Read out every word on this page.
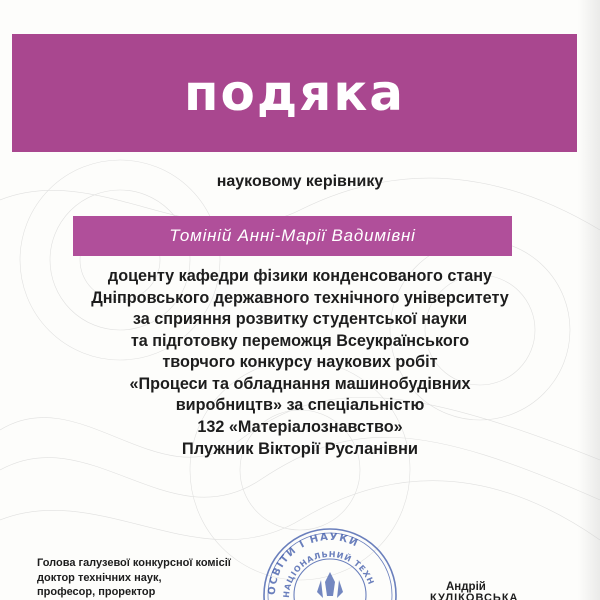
подяка
науковому керівнику
Томіній Анні-Марії Вадимівні
доценту кафедри фізики конденсованого стану
Дніпровського державного технічного університету
за сприяння розвитку студентської науки
та підготовку переможця Всеукраїнського
творчого конкурсу наукових робіт
«Процеси та обладнання машинобудівних
виробництв» за спеціальністю
132 «Матеріалознавство»
Плужник Вікторії Русланівни
Голова галузевої конкурсної комісії
доктор технічних наук,
професор, проректор	ОСВІТИ І НАУКИ
НАЦІОНАЛЬНИЙ ТЕХН	Андрій
КУЛІКОВСЬКА
